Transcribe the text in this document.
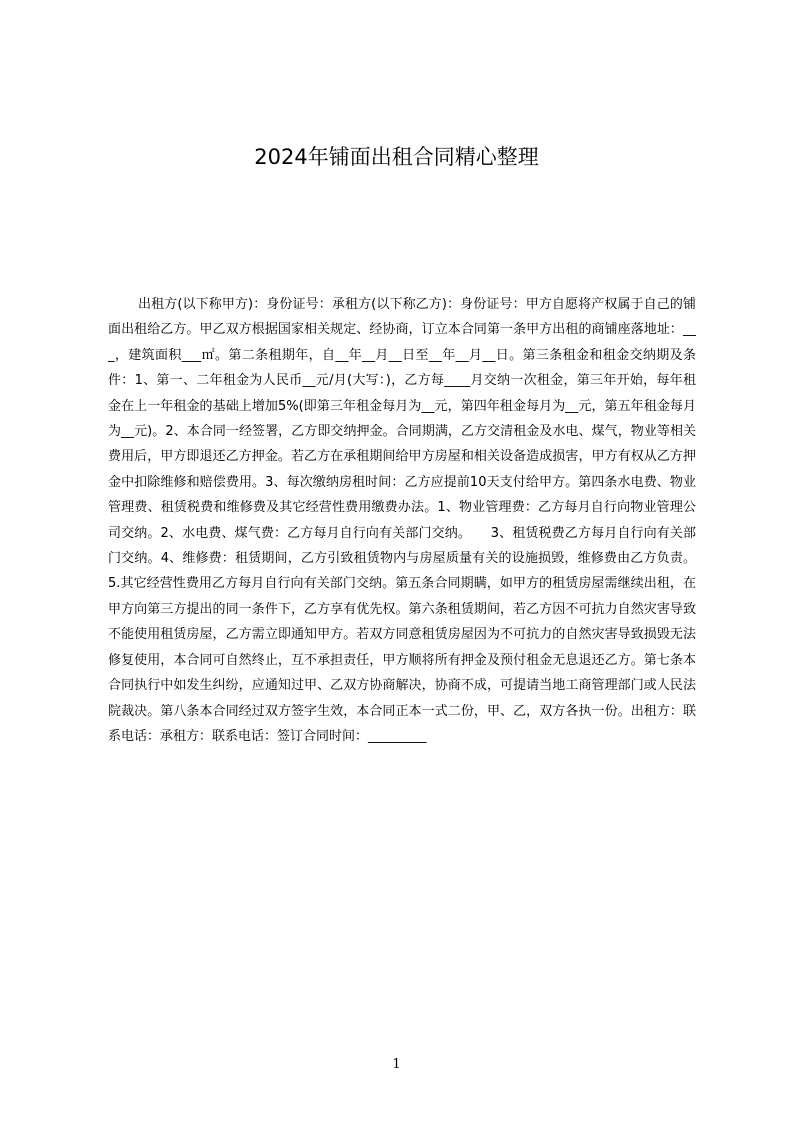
2024年铺面出租合同精心整理

出租方(以下称甲方)：身份证号：承租方(以下称乙方)：身份证号：甲方自愿将产权属于自己的铺面出租给乙方。甲乙双方根据国家相关规定、经协商，订立本合同第一条甲方出租的商铺座落地址：___，建筑面积___㎡。第二条租期年，自__年__月__日至__年__月__日。第三条租金和租金交纳期及条件：1、第一、二年租金为人民币__元/月(大写：)，乙方每____月交纳一次租金，第三年开始，每年租金在上一年租金的基础上增加5%(即第三年租金每月为__元，第四年租金每月为__元，第五年租金每月为__元)。2、本合同一经签署，乙方即交纳押金。合同期满，乙方交清租金及水电、煤气，物业等相关费用后，甲方即退还乙方押金。若乙方在承租期间给甲方房屋和相关设备造成损害，甲方有权从乙方押金中扣除维修和赔偿费用。3、每次缴纳房租时间：乙方应提前10天支付给甲方。第四条水电费、物业管理费、租赁税费和维修费及其它经营性费用缴费办法。1、物业管理费：乙方每月自行向物业管理公司交纳。2、水电费、煤气费：乙方每月自行向有关部门交纳。　　3、租赁税费乙方每月自行向有关部门交纳。4、维修费：租赁期间，乙方引致租赁物内与房屋质量有关的设施损毁，维修费由乙方负责。5.其它经营性费用乙方每月自行向有关部门交纳。第五条合同期瞒，如甲方的租赁房屋需继续出租，在甲方向第三方提出的同一条件下，乙方享有优先权。第六条租赁期间，若乙方因不可抗力自然灾害导致不能使用租赁房屋，乙方需立即通知甲方。若双方同意租赁房屋因为不可抗力的自然灾害导致损毁无法修复使用，本合同可自然终止，互不承担责任，甲方顺将所有押金及预付租金无息退还乙方。第七条本合同执行中如发生纠纷，应通知过甲、乙双方协商解决，协商不成，可提请当地工商管理部门或人民法院裁决。第八条本合同经过双方签字生效，本合同正本一式二份，甲、乙，双方各执一份。出租方：联系电话：承租方：联系电话：签订合同时间：_________

1
